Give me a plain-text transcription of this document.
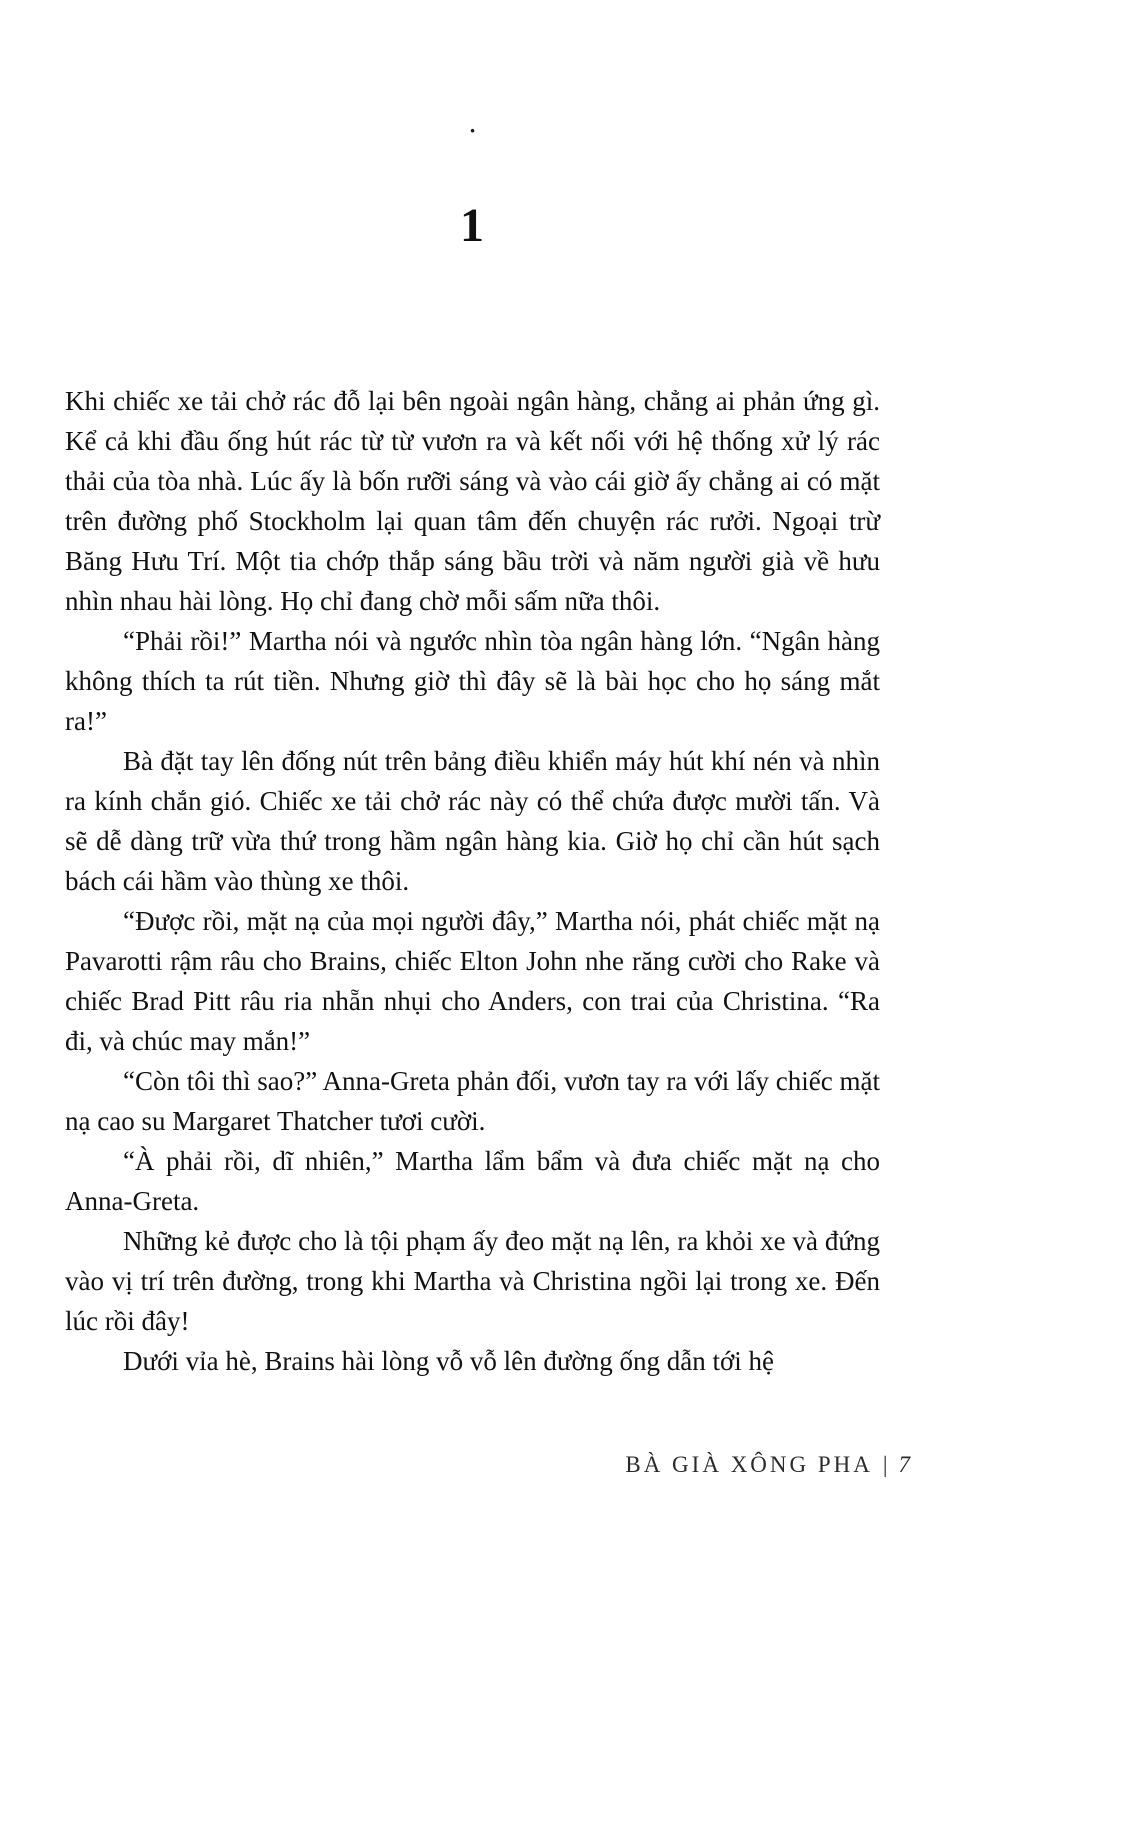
·
1

Khi chiếc xe tải chở rác đỗ lại bên ngoài ngân hàng, chẳng ai phản ứng gì. Kể cả khi đầu ống hút rác từ từ vươn ra và kết nối với hệ thống xử lý rác thải của tòa nhà. Lúc ấy là bốn rưỡi sáng và vào cái giờ ấy chẳng ai có mặt trên đường phố Stockholm lại quan tâm đến chuyện rác rưởi. Ngoại trừ Băng Hưu Trí. Một tia chớp thắp sáng bầu trời và năm người già về hưu nhìn nhau hài lòng. Họ chỉ đang chờ mỗi sấm nữa thôi.

“Phải rồi!” Martha nói và ngước nhìn tòa ngân hàng lớn. “Ngân hàng không thích ta rút tiền. Nhưng giờ thì đây sẽ là bài học cho họ sáng mắt ra!”

Bà đặt tay lên đống nút trên bảng điều khiển máy hút khí nén và nhìn ra kính chắn gió. Chiếc xe tải chở rác này có thể chứa được mười tấn. Và sẽ dễ dàng trữ vừa thứ trong hầm ngân hàng kia. Giờ họ chỉ cần hút sạch bách cái hầm vào thùng xe thôi.

“Được rồi, mặt nạ của mọi người đây,” Martha nói, phát chiếc mặt nạ Pavarotti rậm râu cho Brains, chiếc Elton John nhe răng cười cho Rake và chiếc Brad Pitt râu ria nhẵn nhụi cho Anders, con trai của Christina. “Ra đi, và chúc may mắn!”

“Còn tôi thì sao?” Anna-Greta phản đối, vươn tay ra với lấy chiếc mặt nạ cao su Margaret Thatcher tươi cười.

“À phải rồi, dĩ nhiên,” Martha lẩm bẩm và đưa chiếc mặt nạ cho Anna-Greta.

Những kẻ được cho là tội phạm ấy đeo mặt nạ lên, ra khỏi xe và đứng vào vị trí trên đường, trong khi Martha và Christina ngồi lại trong xe. Đến lúc rồi đây!

Dưới vỉa hè, Brains hài lòng vỗ vỗ lên đường ống dẫn tới hệ

BÀ GIÀ XÔNG PHA | 7
